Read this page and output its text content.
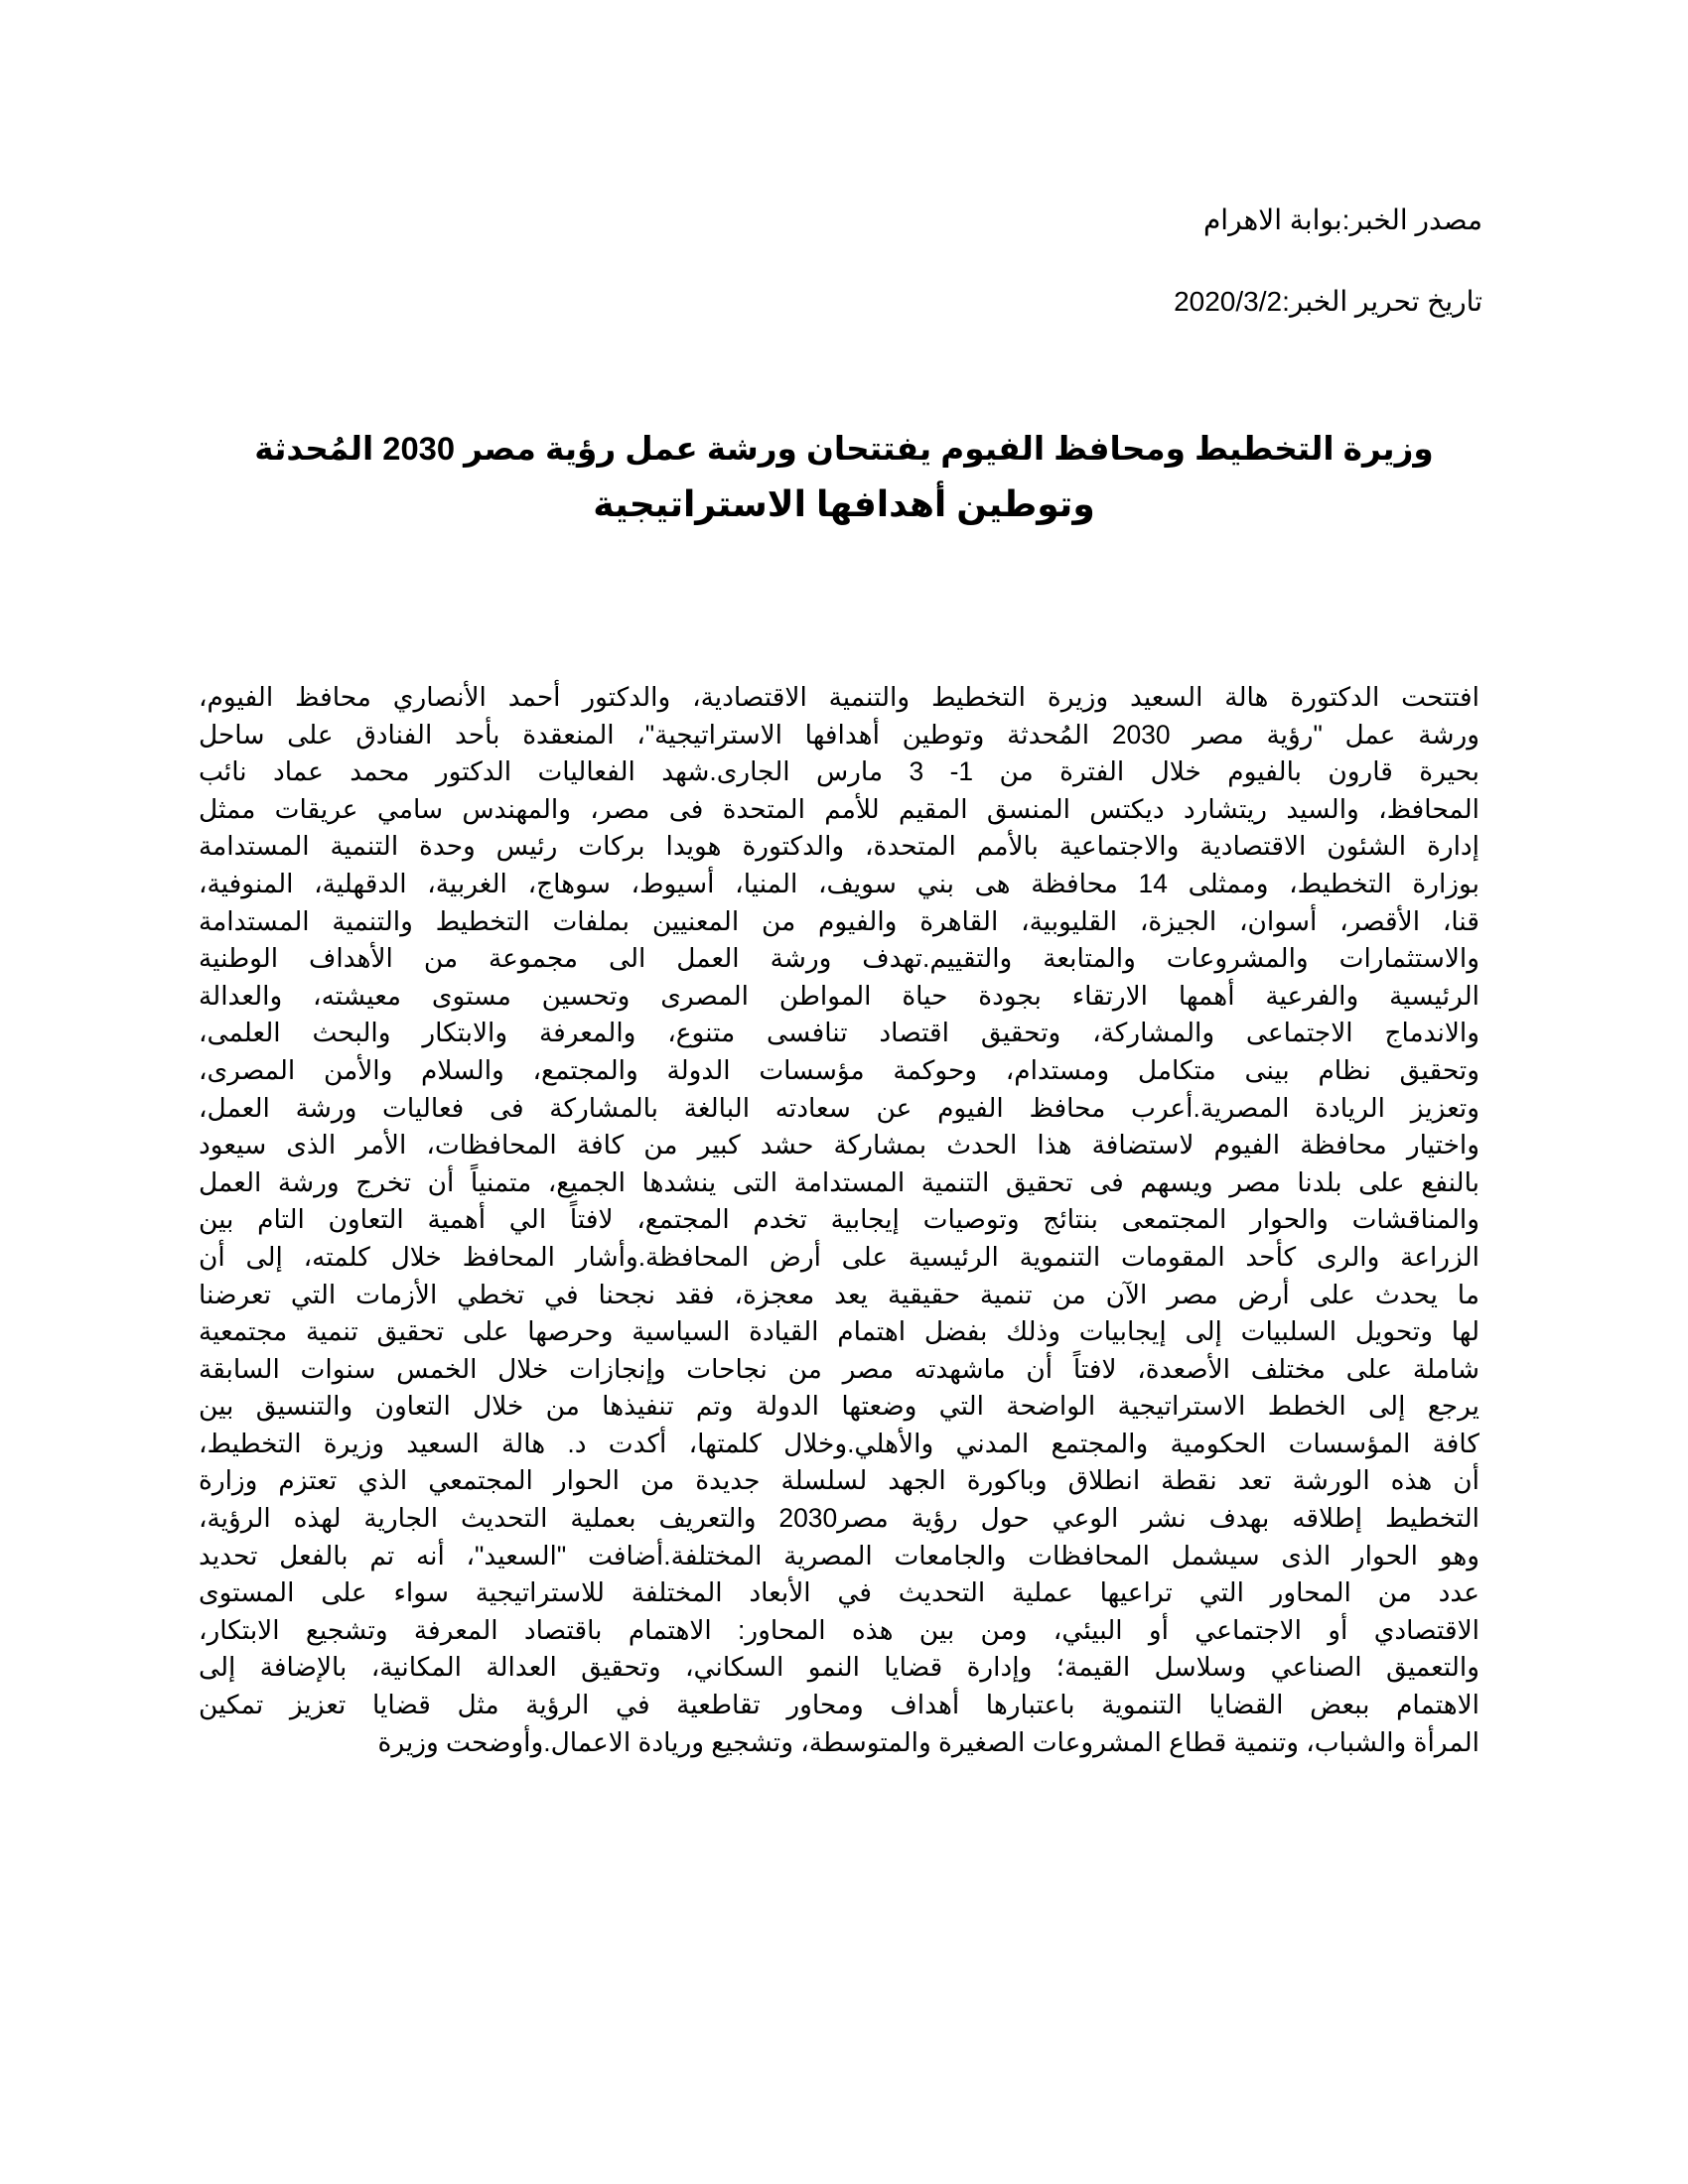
مصدر الخبر:بوابة الاهرام
تاريخ تحرير الخبر:2020/3/2
وزيرة التخطيط ومحافظ الفيوم يفتتحان ورشة عمل رؤية مصر 2030 المُحدثة
وتوطين أهدافها الاستراتيجية
افتتحت الدكتورة هالة السعيد وزيرة التخطيط والتنمية الاقتصادية، والدكتور أحمد الأنصاري محافظ الفيوم،
ورشة عمل "رؤية مصر 2030 المُحدثة وتوطين أهدافها الاستراتيجية"، المنعقدة بأحد الفنادق على ساحل
بحيرة قارون بالفيوم خلال الفترة من 1- 3 مارس الجارى.شهد الفعاليات الدكتور محمد عماد نائب
المحافظ، والسيد ريتشارد ديكتس المنسق المقيم للأمم المتحدة فى مصر، والمهندس سامي عريقات ممثل
إدارة الشئون الاقتصادية والاجتماعية بالأمم المتحدة، والدكتورة هويدا بركات رئيس وحدة التنمية المستدامة
بوزارة التخطيط، وممثلى 14 محافظة هى بني سويف، المنيا، أسيوط، سوهاج، الغربية، الدقهلية، المنوفية،
قنا، الأقصر، أسوان، الجيزة، القليوبية، القاهرة والفيوم من المعنيين بملفات التخطيط والتنمية المستدامة
والاستثمارات والمشروعات والمتابعة والتقييم.تهدف ورشة العمل الى مجموعة من الأهداف الوطنية
الرئيسية والفرعية أهمها الارتقاء بجودة حياة المواطن المصرى وتحسين مستوى معيشته، والعدالة
والاندماج الاجتماعى والمشاركة، وتحقيق اقتصاد تنافسى متنوع، والمعرفة والابتكار والبحث العلمى،
وتحقيق نظام بينى متكامل ومستدام، وحوكمة مؤسسات الدولة والمجتمع، والسلام والأمن المصرى،
وتعزيز الريادة المصرية.أعرب محافظ الفيوم عن سعادته البالغة بالمشاركة فى فعاليات ورشة العمل،
واختيار محافظة الفيوم لاستضافة هذا الحدث بمشاركة حشد كبير من كافة المحافظات، الأمر الذى سيعود
بالنفع على بلدنا مصر ويسهم فى تحقيق التنمية المستدامة التى ينشدها الجميع، متمنياً أن تخرج ورشة العمل
والمناقشات والحوار المجتمعى بنتائج وتوصيات إيجابية تخدم المجتمع، لافتاً الي أهمية التعاون التام بين
الزراعة والرى كأحد المقومات التنموية الرئيسية على أرض المحافظة.وأشار المحافظ خلال كلمته، إلى أن
ما يحدث على أرض مصر الآن من تنمية حقيقية يعد معجزة، فقد نجحنا في تخطي الأزمات التي تعرضنا
لها وتحويل السلبيات إلى إيجابيات وذلك بفضل اهتمام القيادة السياسية وحرصها على تحقيق تنمية مجتمعية
شاملة على مختلف الأصعدة، لافتاً أن ماشهدته مصر من نجاحات وإنجازات خلال الخمس سنوات السابقة
يرجع إلى الخطط الاستراتيجية الواضحة التي وضعتها الدولة وتم تنفيذها من خلال التعاون والتنسيق بين
كافة المؤسسات الحكومية والمجتمع المدني والأهلي.وخلال كلمتها، أكدت د. هالة السعيد وزيرة التخطيط،
أن هذه الورشة تعد نقطة انطلاق وباكورة الجهد لسلسلة جديدة من الحوار المجتمعي الذي تعتزم وزارة
التخطيط إطلاقه بهدف نشر الوعي حول رؤية مصر2030 والتعريف بعملية التحديث الجارية لهذه الرؤية،
وهو الحوار الذى سيشمل المحافظات والجامعات المصرية المختلفة.أضافت "السعيد"، أنه تم بالفعل تحديد
عدد من المحاور التي تراعيها عملية التحديث في الأبعاد المختلفة للاستراتيجية سواء على المستوى
الاقتصادي أو الاجتماعي أو البيئي، ومن بين هذه المحاور: الاهتمام باقتصاد المعرفة وتشجيع الابتكار،
والتعميق الصناعي وسلاسل القيمة؛ وإدارة قضايا النمو السكاني، وتحقيق العدالة المكانية، بالإضافة إلى
الاهتمام ببعض القضايا التنموية باعتبارها أهداف ومحاور تقاطعية في الرؤية مثل قضايا تعزيز تمكين
المرأة والشباب، وتنمية قطاع المشروعات الصغيرة والمتوسطة، وتشجيع وريادة الاعمال.وأوضحت وزيرة
